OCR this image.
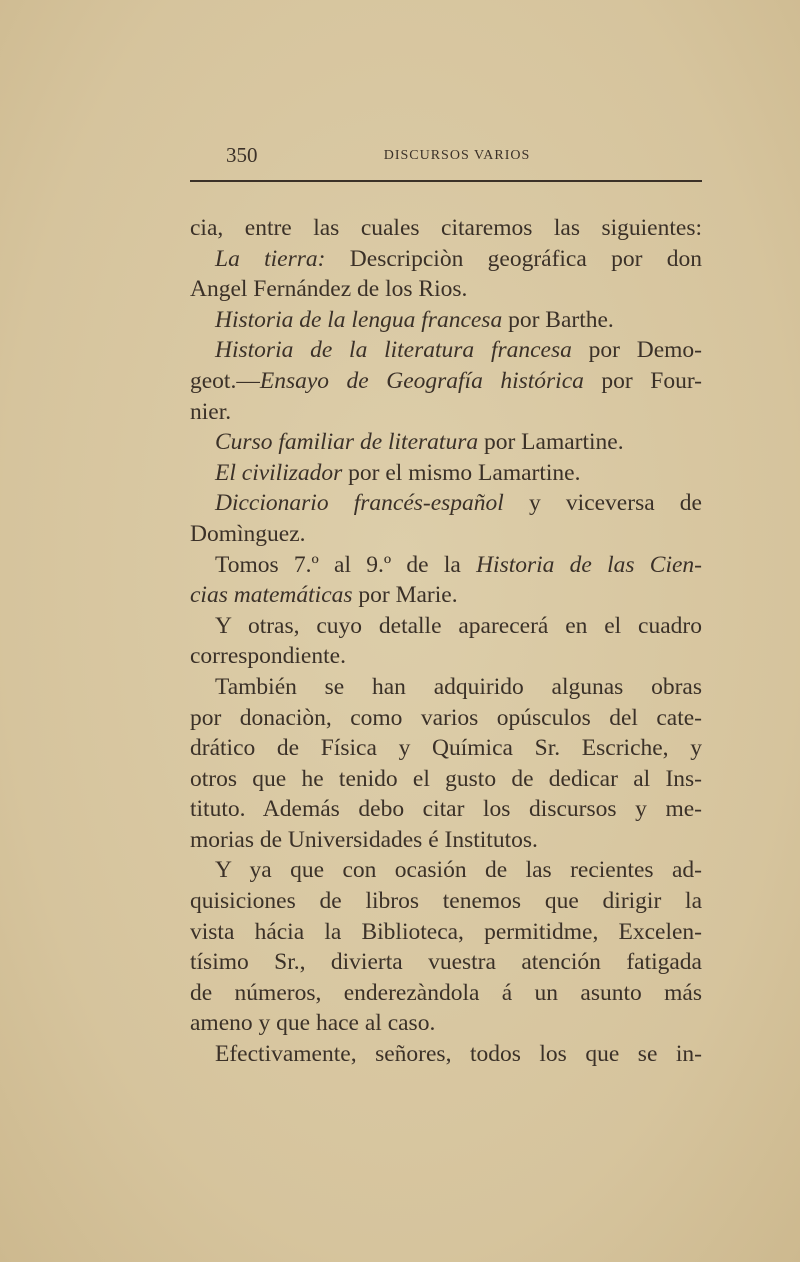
350	DISCURSOS VARIOS
cia, entre las cuales citaremos las siguientes:
La tierra: Descripciòn geográfica por don
Angel Fernández de los Rios.
Historia de la lengua francesa por Barthe.
Historia de la literatura francesa por Demo-
geot.—Ensayo de Geografía histórica por Four-
nier.
Curso familiar de literatura por Lamartine.
El civilizador por el mismo Lamartine.
Diccionario francés-español y viceversa de
Domìnguez.
Tomos 7.º al 9.º de la Historia de las Cien-
cias matemáticas por Marie.
Y otras, cuyo detalle aparecerá en el cuadro
correspondiente.
También se han adquirido algunas obras
por donaciòn, como varios opúsculos del cate-
drático de Física y Química Sr. Escriche, y
otros que he tenido el gusto de dedicar al Ins-
tituto. Además debo citar los discursos y me-
morias de Universidades é Institutos.
Y ya que con ocasión de las recientes ad-
quisiciones de libros tenemos que dirigir la
vista hácia la Biblioteca, permitidme, Excelen-
tísimo Sr., divierta vuestra atención fatigada
de números, enderezàndola á un asunto más
ameno y que hace al caso.
Efectivamente, señores, todos los que se in-
